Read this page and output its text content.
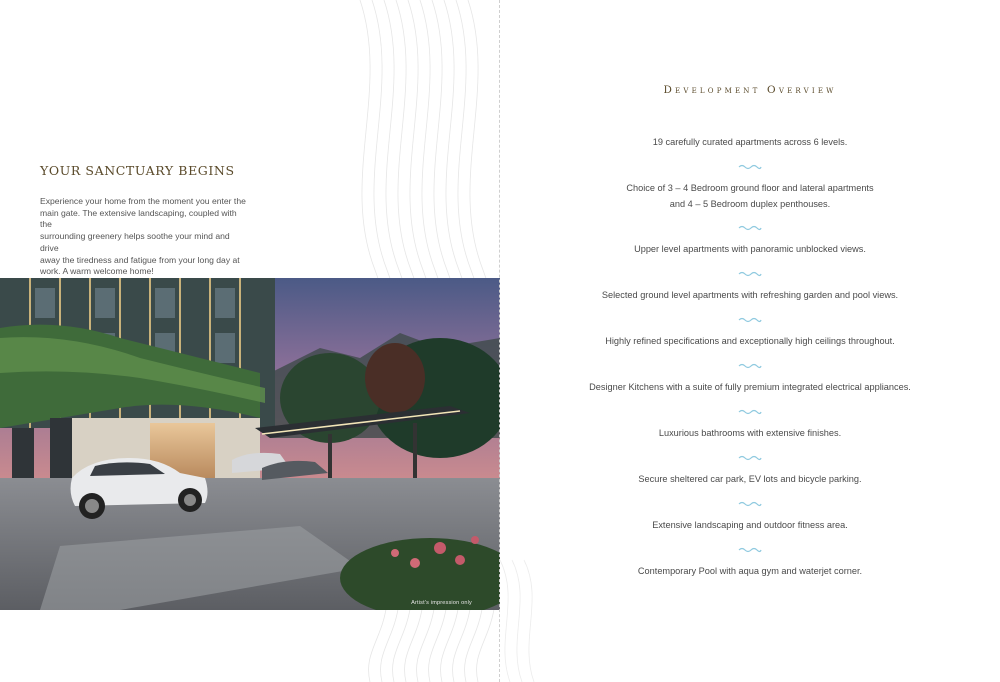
YOUR SANCTUARY BEGINS

Experience your home from the moment you enter the
main gate. The extensive landscaping, coupled with the
surrounding greenery helps soothe your mind and drive
away the tiredness and fatigue from your long day at
work. A warm welcome home!

Artist's impression only
Development Overview
19 carefully curated apartments across 6 levels.
Choice of 3 – 4 Bedroom ground floor and lateral apartments
and 4 – 5 Bedroom duplex penthouses.
Upper level apartments with panoramic unblocked views.
Selected ground level apartments with refreshing garden and pool views.
Highly refined specifications and exceptionally high ceilings throughout.
Designer Kitchens with a suite of fully premium integrated electrical appliances.
Luxurious bathrooms with extensive finishes.
Secure sheltered car park, EV lots and bicycle parking.
Extensive landscaping and outdoor fitness area.
Contemporary Pool with aqua gym and waterjet corner.
